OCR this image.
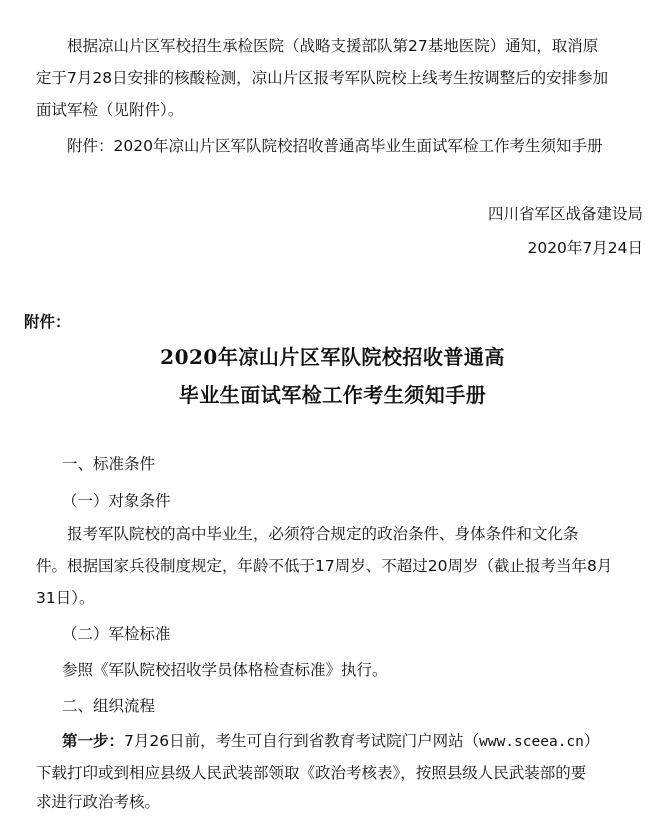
根据凉山片区军校招生承检医院（战略支援部队第27基地医院）通知，取消原
定于7月28日安排的核酸检测，凉山片区报考军队院校上线考生按调整后的安排参加
面试军检（见附件）。
附件：2020年凉山片区军队院校招收普通高毕业生面试军检工作考生须知手册
四川省军区战备建设局
2020年7月24日
附件：
2020年凉山片区军队院校招收普通高
毕业生面试军检工作考生须知手册
一、标准条件
（一）对象条件
报考军队院校的高中毕业生，必须符合规定的政治条件、身体条件和文化条
件。根据国家兵役制度规定，年龄不低于17周岁、不超过20周岁（截止报考当年8月
31日）。
（二）军检标准
参照《军队院校招收学员体格检查标准》执行。
二、组织流程
第一步：7月26日前，考生可自行到省教育考试院门户网站（www.sceea.cn）
下载打印或到相应县级人民武装部领取《政治考核表》，按照县级人民武装部的要
求进行政治考核。
